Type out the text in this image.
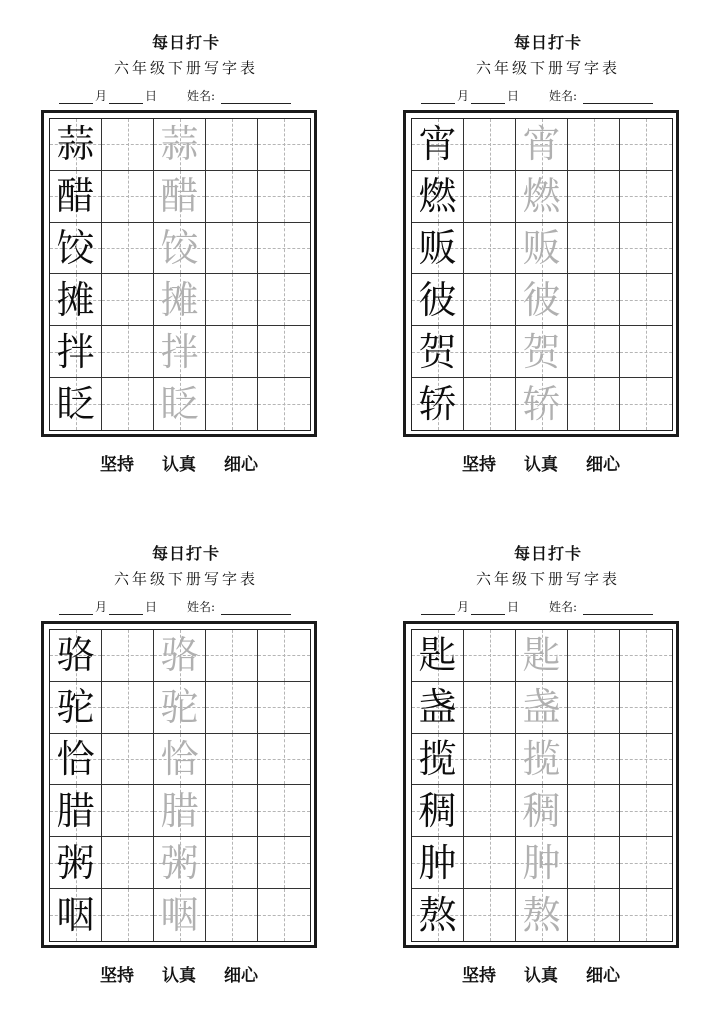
每日打卡
六年级下册写字表
月	日	姓名:
蒜 蒜
醋 醋
饺 饺
摊 摊
拌 拌
眨 眨
坚持 认真 细心
每日打卡
六年级下册写字表
月	日	姓名:
宵 宵
燃 燃
贩 贩
彼 彼
贺 贺
轿 轿
坚持 认真 细心
每日打卡
六年级下册写字表
月	日	姓名:
骆 骆
驼 驼
恰 恰
腊 腊
粥 粥
咽 咽
坚持 认真 细心
每日打卡
六年级下册写字表
月	日	姓名:
匙 匙
盏 盏
揽 揽
稠 稠
肿 肿
熬 熬
坚持 认真 细心
